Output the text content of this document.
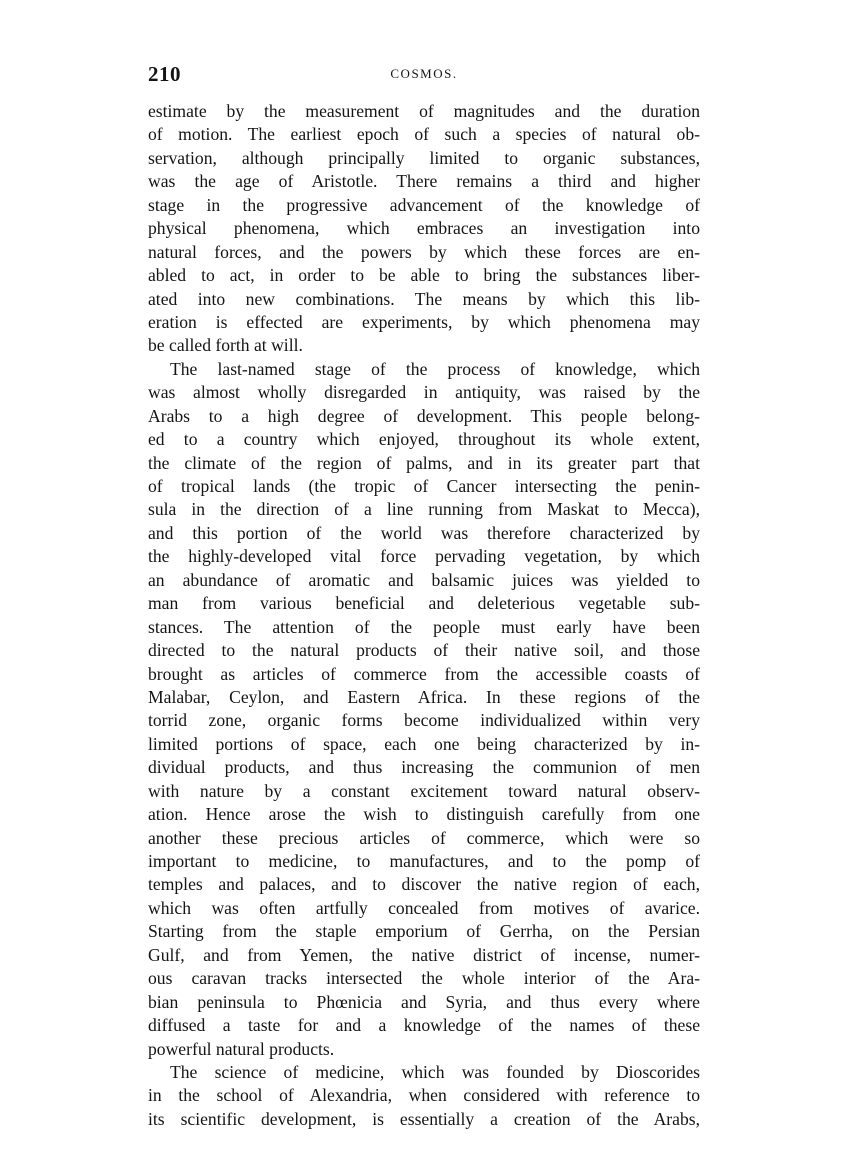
210	COSMOS.
estimate by the measurement of magnitudes and the duration
of motion. The earliest epoch of such a species of natural ob-
servation, although principally limited to organic substances,
was the age of Aristotle. There remains a third and higher
stage in the progressive advancement of the knowledge of
physical phenomena, which embraces an investigation into
natural forces, and the powers by which these forces are en-
abled to act, in order to be able to bring the substances liber-
ated into new combinations. The means by which this lib-
eration is effected are experiments, by which phenomena may
be called forth at will.
The last-named stage of the process of knowledge, which
was almost wholly disregarded in antiquity, was raised by the
Arabs to a high degree of development. This people belong-
ed to a country which enjoyed, throughout its whole extent,
the climate of the region of palms, and in its greater part that
of tropical lands (the tropic of Cancer intersecting the penin-
sula in the direction of a line running from Maskat to Mecca),
and this portion of the world was therefore characterized by
the highly-developed vital force pervading vegetation, by which
an abundance of aromatic and balsamic juices was yielded to
man from various beneficial and deleterious vegetable sub-
stances. The attention of the people must early have been
directed to the natural products of their native soil, and those
brought as articles of commerce from the accessible coasts of
Malabar, Ceylon, and Eastern Africa. In these regions of the
torrid zone, organic forms become individualized within very
limited portions of space, each one being characterized by in-
dividual products, and thus increasing the communion of men
with nature by a constant excitement toward natural observ-
ation. Hence arose the wish to distinguish carefully from one
another these precious articles of commerce, which were so
important to medicine, to manufactures, and to the pomp of
temples and palaces, and to discover the native region of each,
which was often artfully concealed from motives of avarice.
Starting from the staple emporium of Gerrha, on the Persian
Gulf, and from Yemen, the native district of incense, numer-
ous caravan tracks intersected the whole interior of the Ara-
bian peninsula to Phœnicia and Syria, and thus every where
diffused a taste for and a knowledge of the names of these
powerful natural products.
The science of medicine, which was founded by Dioscorides
in the school of Alexandria, when considered with reference to
its scientific development, is essentially a creation of the Arabs,
